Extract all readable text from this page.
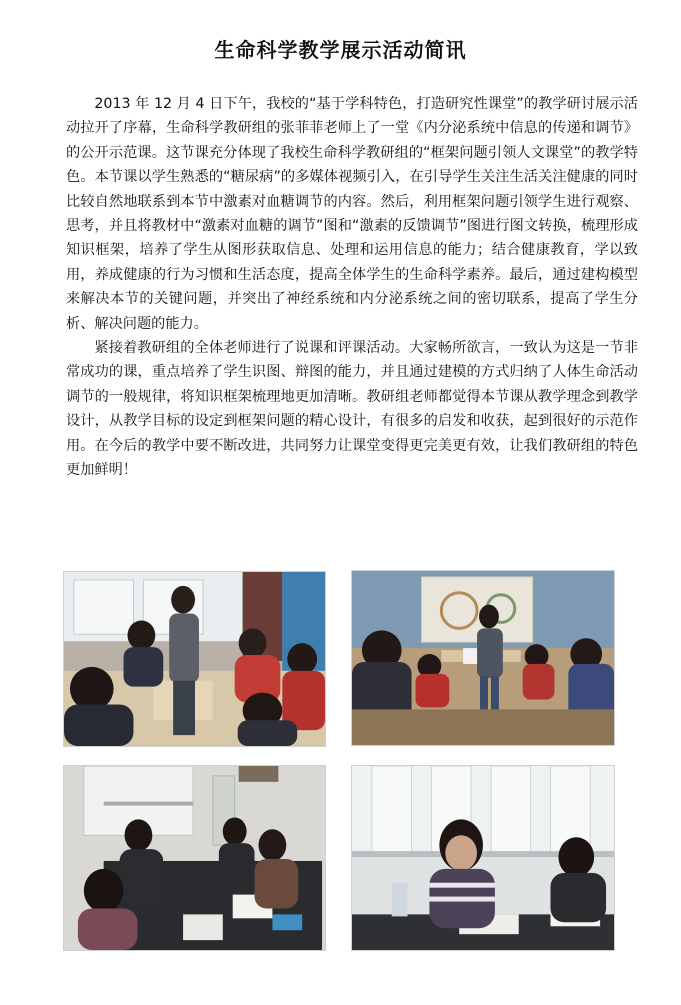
生命科学教学展示活动简讯

2013 年 12 月 4 日下午，我校的“基于学科特色，打造研究性课堂”的教学研讨展示活动拉开了序幕，生命科学教研组的张菲菲老师上了一堂《内分泌系统中信息的传递和调节》的公开示范课。这节课充分体现了我校生命科学教研组的“框架问题引领人文课堂”的教学特色。本节课以学生熟悉的“糖尿病”的多媒体视频引入，在引导学生关注生活关注健康的同时比较自然地联系到本节中激素对血糖调节的内容。然后，利用框架问题引领学生进行观察、思考，并且将教材中“激素对血糖的调节”图和“激素的反馈调节”图进行图文转换，梳理形成知识框架，培养了学生从图形获取信息、处理和运用信息的能力；结合健康教育，学以致用，养成健康的行为习惯和生活态度，提高全体学生的生命科学素养。最后，通过建构模型来解决本节的关键问题，并突出了神经系统和内分泌系统之间的密切联系，提高了学生分析、解决问题的能力。

紧接着教研组的全体老师进行了说课和评课活动。大家畅所欲言，一致认为这是一节非常成功的课，重点培养了学生识图、辩图的能力，并且通过建模的方式归纳了人体生命活动调节的一般规律，将知识框架梳理地更加清晰。教研组老师都觉得本节课从教学理念到教学设计，从教学目标的设定到框架问题的精心设计，有很多的启发和收获，起到很好的示范作用。在今后的教学中要不断改进，共同努力让课堂变得更完美更有效，让我们教研组的特色更加鲜明！
